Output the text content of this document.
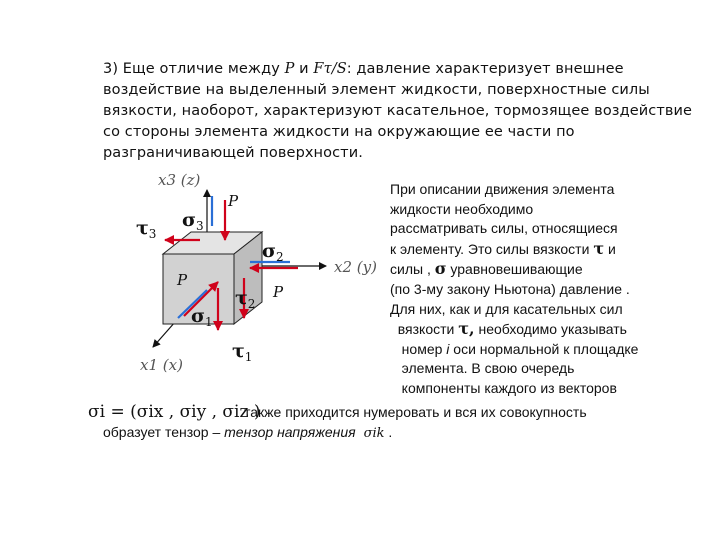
3) Еще отличие между P и Fτ/S: давление характеризует внешнее
воздействие на выделенный элемент жидкости, поверхностные силы
вязкости, наоборот, характеризуют касательное, тормозящее воздействие
со стороны элемента жидкости на окружающие ее части по
разграничивающей поверхности.
x3 (z)
x2 (y)
x1 (x)
P
P
P
$\tau_3$
$\sigma_3$
$\sigma_2$
$\tau_2$
$\sigma_1$
$\tau_1$
При описании движения элемента
жидкости необходимо
рассматривать силы, относящиеся
к элементу. Это силы вязкости τ и
силы , σ уравновешивающие
(по 3-му закону Ньютона) давление .
Для них, как и для касательных сил
вязкости τ, необходимо указывать
номер i оси нормальной к площадке
элемента. В свою очередь
компоненты каждого из векторов
σi = (σix , σiy , σiz )
также приходится нумеровать и вся их совокупность
образует тензор – тензор напряжения σik .
